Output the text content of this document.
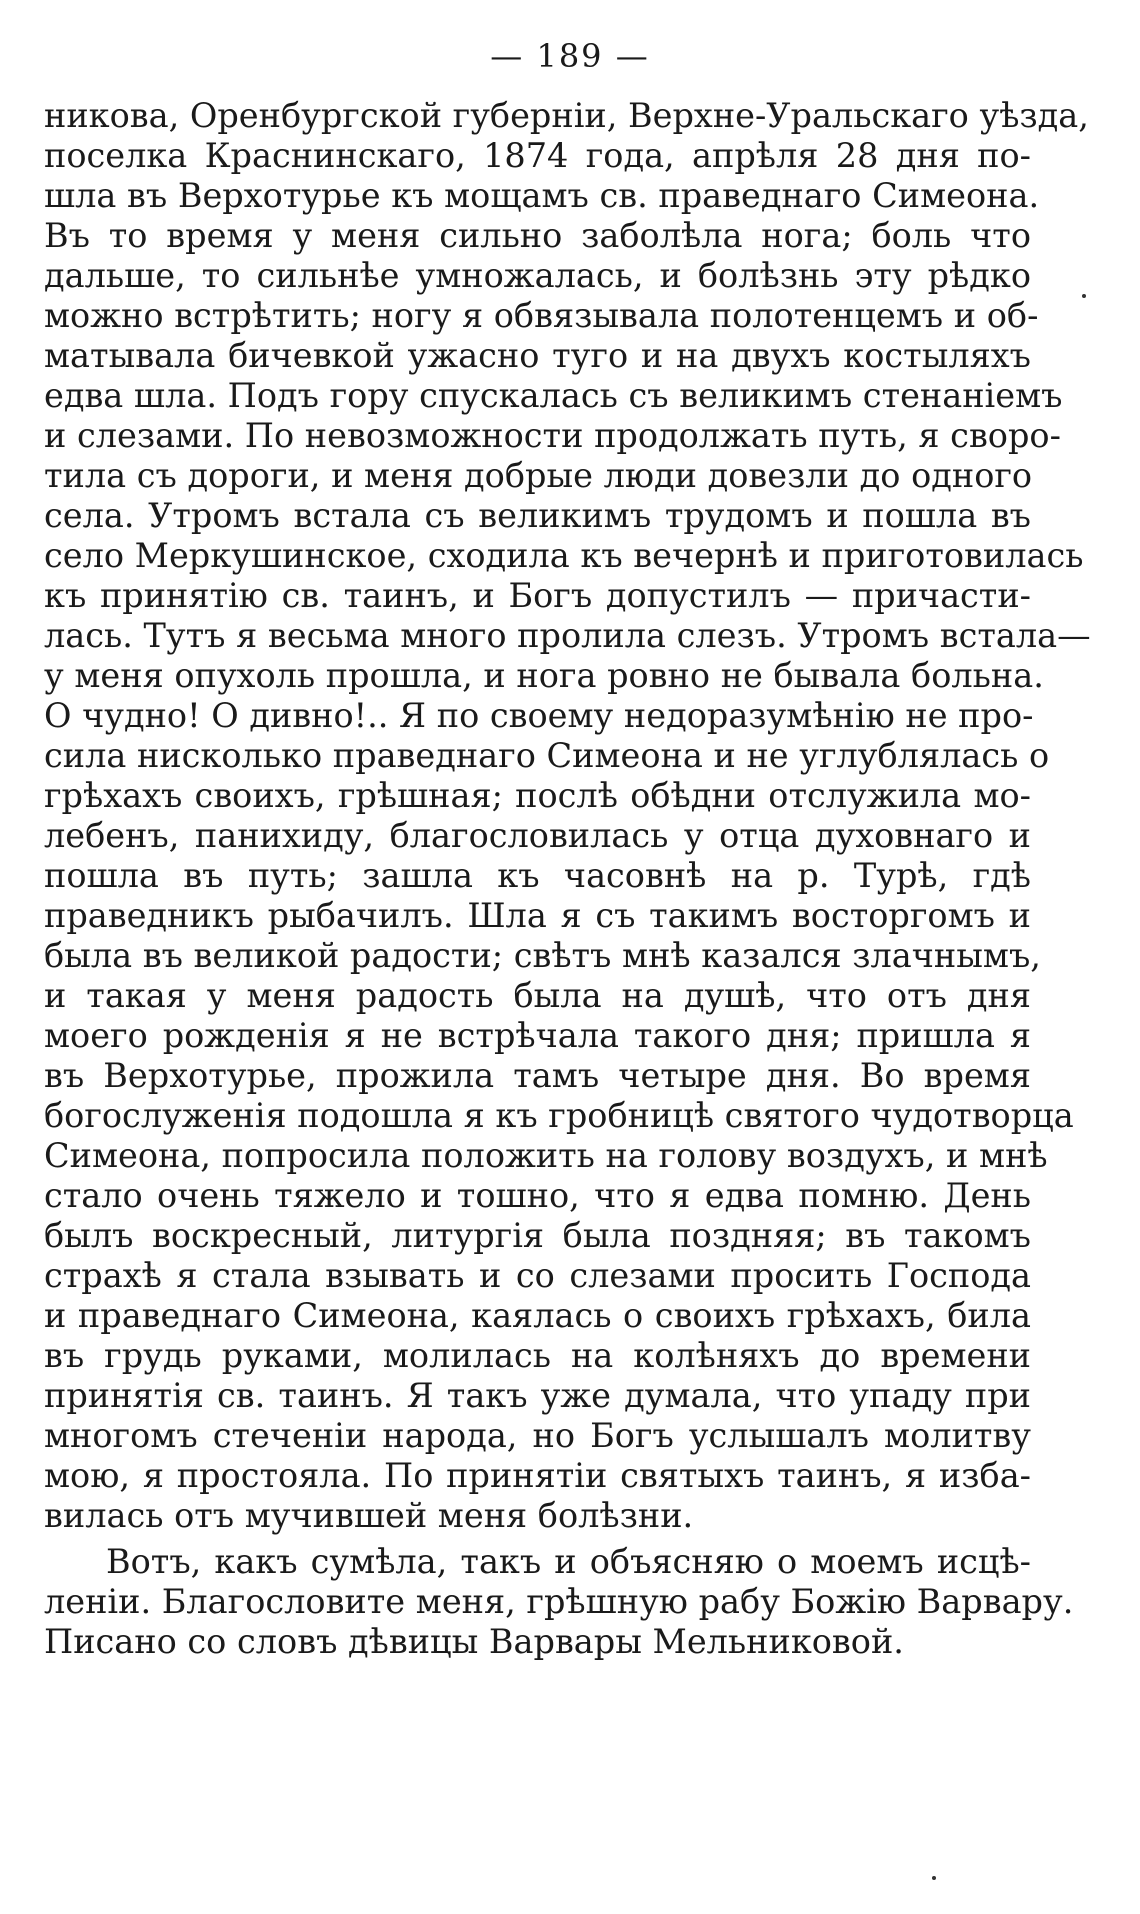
— 189 —
никова, Оренбургской губерніи, Верхне-Уральскаго уѣзда,
поселка Краснинскаго, 1874 года, апрѣля 28 дня по-
шла въ Верхотурье къ мощамъ св. праведнаго Симеона.
Въ то время у меня сильно заболѣла нога; боль что
дальше, то сильнѣе умножалась, и болѣзнь эту рѣдко
можно встрѣтить; ногу я обвязывала полотенцемъ и об-
матывала бичевкой ужасно туго и на двухъ костыляхъ
едва шла. Подъ гору спускалась съ великимъ стенаніемъ
и слезами. По невозможности продолжать путь, я сворo-
тила съ дороги, и меня добрые люди довезли до одного
села. Утромъ встала съ великимъ трудомъ и пошла въ
село Меркушинское, сходила къ вечернѣ и приготовилась
къ принятію св. таинъ, и Богъ допустилъ — причасти-
лась. Тутъ я весьма много пролила слезъ. Утромъ встала—
у меня опухоль прошла, и нога ровно не бывала больна.
О чудно! О дивно!.. Я по своему недоразумѣнію не про-
сила нисколько праведнаго Симеона и не углублялась о
грѣхахъ своихъ, грѣшная; послѣ обѣдни отслужила мо-
лебенъ, панихиду, благословилась у отца духовнаго и
пошла въ путь; зашла къ часовнѣ на р. Турѣ, гдѣ
праведникъ рыбачилъ. Шла я съ такимъ восторгомъ и
была въ великой радости; свѣтъ мнѣ казался злачнымъ,
и такая у меня радость была на душѣ, что отъ дня
моего рожденія я не встрѣчала такого дня; пришла я
въ Верхотурье, прожила тамъ четыре дня. Во время
богослуженія подошла я къ гробницѣ святого чудотворца
Симеона, попросила положить на голову воздухъ, и мнѣ
стало очень тяжело и тошно, что я едва помню. День
былъ воскресный, литургія была поздняя; въ такомъ
страхѣ я стала взывать и со слезами просить Господа
и праведнаго Симеона, каялась о своихъ грѣхахъ, била
въ грудь руками, молилась на колѣняхъ до времени
принятія св. таинъ. Я такъ уже думала, что упаду при
многомъ стеченіи народа, но Богъ услышалъ молитву
мою, я простояла. По принятіи святыхъ таинъ, я изба-
вилась отъ мучившей меня болѣзни.
Вотъ, какъ сумѣла, такъ и объясняю о моемъ исцѣ-
леніи. Благословите меня, грѣшную рабу Божію Варвару.
Писано со словъ дѣвицы Варвары Мельниковой.
